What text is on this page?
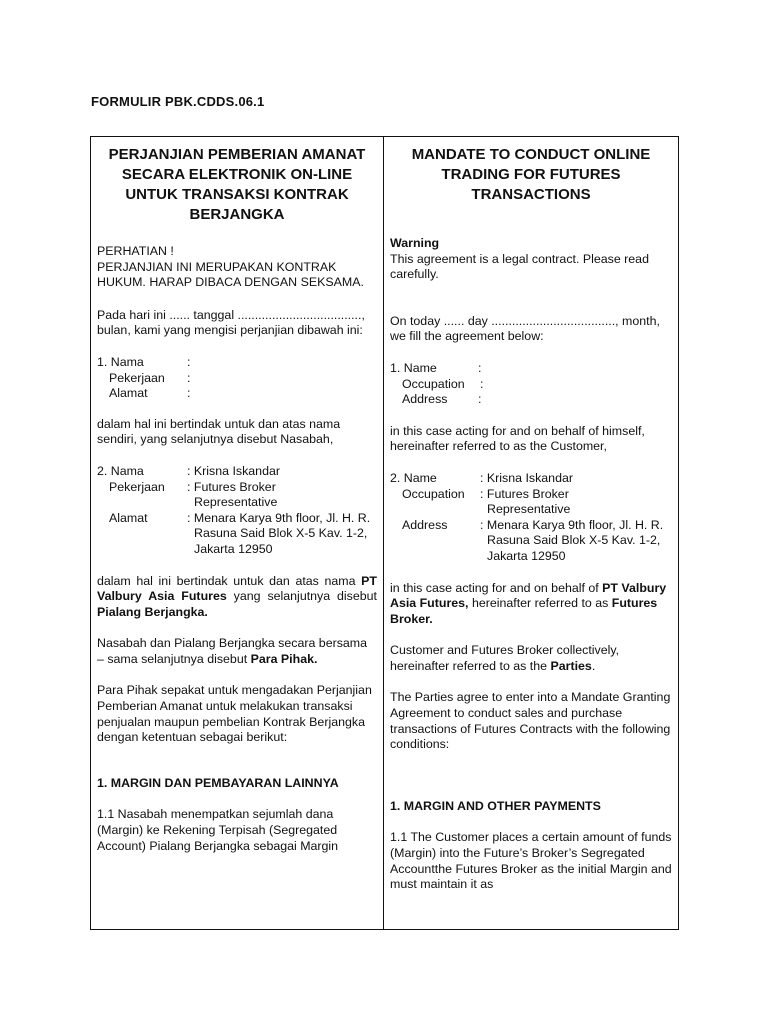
FORMULIR PBK.CDDS.06.1
PERJANJIAN PEMBERIAN AMANAT SECARA ELEKTRONIK ON-LINE UNTUK TRANSAKSI KONTRAK BERJANGKA

PERHATIAN !

PERJANJIAN INI MERUPAKAN KONTRAK HUKUM. HARAP DIBACA DENGAN SEKSAMA.

Pada hari ini ...... tanggal ...................................., bulan, kami yang mengisi perjanjian dibawah ini:

1. Nama	:
Pekerjaan	:
Alamat	:

dalam hal ini bertindak untuk dan atas nama sendiri, yang selanjutnya disebut Nasabah,

2. Nama	: Krisna Iskandar
Pekerjaan	: Futures Broker Representative
Alamat	: Menara Karya 9th floor, Jl. H. R. Rasuna Said Blok X-5 Kav. 1-2, Jakarta 12950

dalam hal ini bertindak untuk dan atas nama PT Valbury Asia Futures yang selanjutnya disebut Pialang Berjangka.

Nasabah dan Pialang Berjangka secara bersama – sama selanjutnya disebut Para Pihak.

Para Pihak sepakat untuk mengadakan Perjanjian Pemberian Amanat untuk melakukan transaksi penjualan maupun pembelian Kontrak Berjangka dengan ketentuan sebagai berikut:

1. MARGIN DAN PEMBAYARAN LAINNYA

1.1 Nasabah menempatkan sejumlah dana (Margin) ke Rekening Terpisah (Segregated Account) Pialang Berjangka sebagai Margin

MANDATE TO CONDUCT ONLINE TRADING FOR FUTURES TRANSACTIONS

Warning

This agreement is a legal contract. Please read carefully.

On today ...... day ...................................., month, we fill the agreement below:

1. Name	:
Occupation	:
Address	:

in this case acting for and on behalf of himself, hereinafter referred to as the Customer,

2. Name	: Krisna Iskandar
Occupation	: Futures Broker Representative
Address	: Menara Karya 9th floor, Jl. H. R. Rasuna Said Blok X-5 Kav. 1-2, Jakarta 12950

in this case acting for and on behalf of PT Valbury Asia Futures, hereinafter referred to as Futures Broker.

Customer and Futures Broker collectively, hereinafter referred to as the Parties.

The Parties agree to enter into a Mandate Granting Agreement to conduct sales and purchase transactions of Futures Contracts with the following conditions:

1. MARGIN AND OTHER PAYMENTS

1.1 The Customer places a certain amount of funds (Margin) into the Future’s Broker’s Segregated Accountthe Futures Broker as the initial Margin and must maintain it as
